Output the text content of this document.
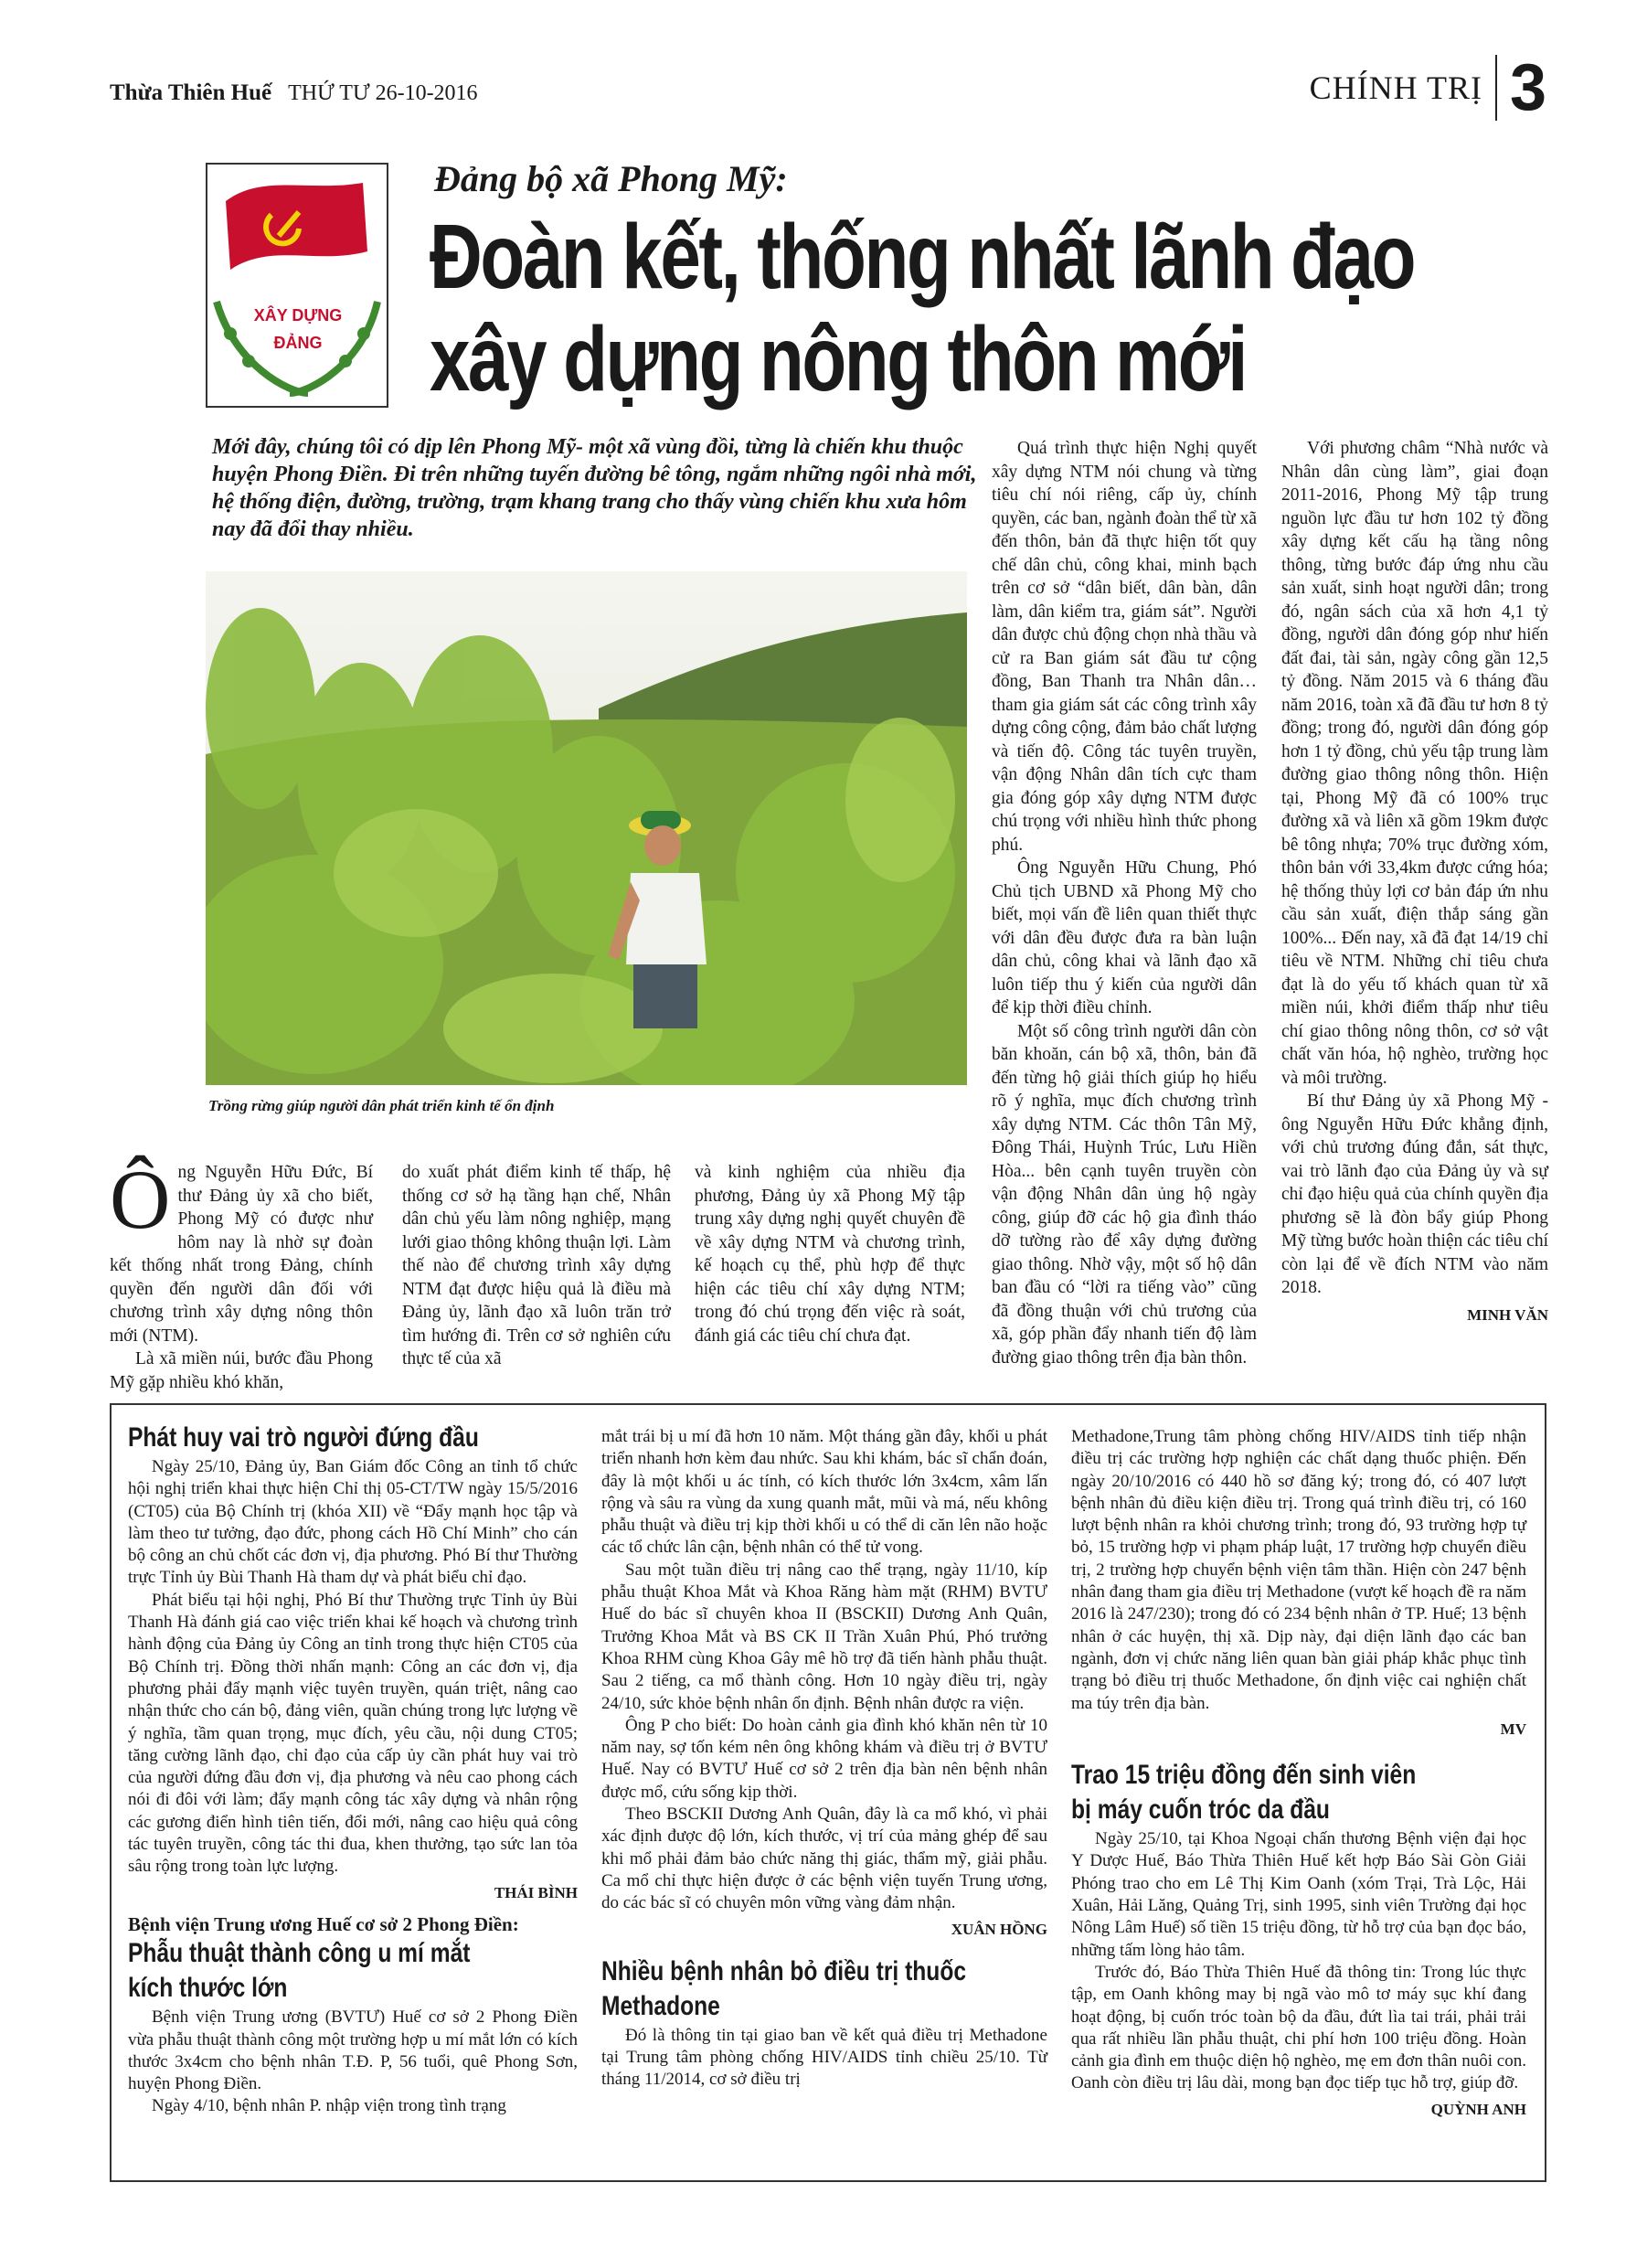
Thừa Thiên Huế THỨ TƯ 26-10-2016	CHÍNH TRỊ 3
XÂY DỰNG
ĐẢNG
Đảng bộ xã Phong Mỹ:
Đoàn kết, thống nhất lãnh đạo
xây dựng nông thôn mới
Mới đây, chúng tôi có dịp lên Phong Mỹ- một xã vùng đồi, từng là chiến khu thuộc huyện Phong Điền. Đi trên những tuyến đường bê tông, ngắm những ngôi nhà mới, hệ thống điện, đường, trường, trạm khang trang cho thấy vùng chiến khu xưa hôm nay đã đổi thay nhiều.
Trồng rừng giúp người dân phát triển kinh tế ổn định

Ông Nguyễn Hữu Đức, Bí thư Đảng ủy xã cho biết, Phong Mỹ có được như hôm nay là nhờ sự đoàn kết thống nhất trong Đảng, chính quyền đến người dân đối với chương trình xây dựng nông thôn mới (NTM).

Là xã miền núi, bước đầu Phong Mỹ gặp nhiều khó khăn,

do xuất phát điểm kinh tế thấp, hệ thống cơ sở hạ tầng hạn chế, Nhân dân chủ yếu làm nông nghiệp, mạng lưới giao thông không thuận lợi. Làm thế nào để chương trình xây dựng NTM đạt được hiệu quả là điều mà Đảng ủy, lãnh đạo xã luôn trăn trở tìm hướng đi. Trên cơ sở nghiên cứu thực tế của xã

và kinh nghiệm của nhiều địa phương, Đảng ủy xã Phong Mỹ tập trung xây dựng nghị quyết chuyên đề về xây dựng NTM và chương trình, kế hoạch cụ thể, phù hợp để thực hiện các tiêu chí xây dựng NTM; trong đó chú trọng đến việc rà soát, đánh giá các tiêu chí chưa đạt.

Quá trình thực hiện Nghị quyết xây dựng NTM nói chung và từng tiêu chí nói riêng, cấp ủy, chính quyền, các ban, ngành đoàn thể từ xã đến thôn, bản đã thực hiện tốt quy chế dân chủ, công khai, minh bạch trên cơ sở “dân biết, dân bàn, dân làm, dân kiểm tra, giám sát”. Người dân được chủ động chọn nhà thầu và cử ra Ban giám sát đầu tư cộng đồng, Ban Thanh tra Nhân dân… tham gia giám sát các công trình xây dựng công cộng, đảm bảo chất lượng và tiến độ. Công tác tuyên truyền, vận động Nhân dân tích cực tham gia đóng góp xây dựng NTM được chú trọng với nhiều hình thức phong phú.

Ông Nguyễn Hữu Chung, Phó Chủ tịch UBND xã Phong Mỹ cho biết, mọi vấn đề liên quan thiết thực với dân đều được đưa ra bàn luận dân chủ, công khai và lãnh đạo xã luôn tiếp thu ý kiến của người dân để kịp thời điều chỉnh.

Một số công trình người dân còn băn khoăn, cán bộ xã, thôn, bản đã đến từng hộ giải thích giúp họ hiểu rõ ý nghĩa, mục đích chương trình xây dựng NTM. Các thôn Tân Mỹ, Đông Thái, Huỳnh Trúc, Lưu Hiền Hòa... bên cạnh tuyên truyền còn vận động Nhân dân ủng hộ ngày công, giúp đỡ các hộ gia đình tháo dỡ tường rào để xây dựng đường giao thông. Nhờ vậy, một số hộ dân ban đầu có “lời ra tiếng vào” cũng đã đồng thuận với chủ trương của xã, góp phần đẩy nhanh tiến độ làm đường giao thông trên địa bàn thôn.

Với phương châm “Nhà nước và Nhân dân cùng làm”, giai đoạn 2011-2016, Phong Mỹ tập trung nguồn lực đầu tư hơn 102 tỷ đồng xây dựng kết cấu hạ tầng nông thông, từng bước đáp ứng nhu cầu sản xuất, sinh hoạt người dân; trong đó, ngân sách của xã hơn 4,1 tỷ đồng, người dân đóng góp như hiến đất đai, tài sản, ngày công gần 12,5 tỷ đồng. Năm 2015 và 6 tháng đầu năm 2016, toàn xã đã đầu tư hơn 8 tỷ đồng; trong đó, người dân đóng góp hơn 1 tỷ đồng, chủ yếu tập trung làm đường giao thông nông thôn. Hiện tại, Phong Mỹ đã có 100% trục đường xã và liên xã gồm 19km được bê tông nhựa; 70% trục đường xóm, thôn bản với 33,4km được cứng hóa; hệ thống thủy lợi cơ bản đáp ứn nhu cầu sản xuất, điện thắp sáng gần 100%... Đến nay, xã đã đạt 14/19 chỉ tiêu về NTM. Những chỉ tiêu chưa đạt là do yếu tố khách quan từ xã miền núi, khởi điểm thấp như tiêu chí giao thông nông thôn, cơ sở vật chất văn hóa, hộ nghèo, trường học và môi trường.

Bí thư Đảng ủy xã Phong Mỹ - ông Nguyễn Hữu Đức khẳng định, với chủ trương đúng đắn, sát thực, vai trò lãnh đạo của Đảng ủy và sự chỉ đạo hiệu quả của chính quyền địa phương sẽ là đòn bẩy giúp Phong Mỹ từng bước hoàn thiện các tiêu chí còn lại để về đích NTM vào năm 2018.

MINH VĂN
Phát huy vai trò người đứng đầu

Ngày 25/10, Đảng ủy, Ban Giám đốc Công an tỉnh tổ chức hội nghị triển khai thực hiện Chỉ thị 05-CT/TW ngày 15/5/2016 (CT05) của Bộ Chính trị (khóa XII) về “Đẩy mạnh học tập và làm theo tư tưởng, đạo đức, phong cách Hồ Chí Minh” cho cán bộ công an chủ chốt các đơn vị, địa phương. Phó Bí thư Thường trực Tỉnh ủy Bùi Thanh Hà tham dự và phát biểu chỉ đạo.

Phát biểu tại hội nghị, Phó Bí thư Thường trực Tỉnh ủy Bùi Thanh Hà đánh giá cao việc triển khai kế hoạch và chương trình hành động của Đảng ủy Công an tỉnh trong thực hiện CT05 của Bộ Chính trị. Đồng thời nhấn mạnh: Công an các đơn vị, địa phương phải đẩy mạnh việc tuyên truyền, quán triệt, nâng cao nhận thức cho cán bộ, đảng viên, quần chúng trong lực lượng về ý nghĩa, tầm quan trọng, mục đích, yêu cầu, nội dung CT05; tăng cường lãnh đạo, chỉ đạo của cấp ủy cần phát huy vai trò của người đứng đầu đơn vị, địa phương và nêu cao phong cách nói đi đôi với làm; đẩy mạnh công tác xây dựng và nhân rộng các gương điển hình tiên tiến, đổi mới, nâng cao hiệu quả công tác tuyên truyền, công tác thi đua, khen thưởng, tạo sức lan tỏa sâu rộng trong toàn lực lượng.

THÁI BÌNH
Bệnh viện Trung ương Huế cơ sở 2 Phong Điền:
Phẫu thuật thành công u mí mắt
kích thước lớn

Bệnh viện Trung ương (BVTƯ) Huế cơ sở 2 Phong Điền vừa phẫu thuật thành công một trường hợp u mí mắt lớn có kích thước 3x4cm cho bệnh nhân T.Đ. P, 56 tuổi, quê Phong Sơn, huyện Phong Điền.

Ngày 4/10, bệnh nhân P. nhập viện trong tình trạng

mắt trái bị u mí đã hơn 10 năm. Một tháng gần đây, khối u phát triển nhanh hơn kèm đau nhức. Sau khi khám, bác sĩ chẩn đoán, đây là một khối u ác tính, có kích thước lớn 3x4cm, xâm lấn rộng và sâu ra vùng da xung quanh mắt, mũi và má, nếu không phẫu thuật và điều trị kịp thời khối u có thể di căn lên não hoặc các tổ chức lân cận, bệnh nhân có thể tử vong.

Sau một tuần điều trị nâng cao thể trạng, ngày 11/10, kíp phẫu thuật Khoa Mắt và Khoa Răng hàm mặt (RHM) BVTƯ Huế do bác sĩ chuyên khoa II (BSCKII) Dương Anh Quân, Trưởng Khoa Mắt và BS CK II Trần Xuân Phú, Phó trưởng Khoa RHM cùng Khoa Gây mê hồ trợ đã tiến hành phẫu thuật. Sau 2 tiếng, ca mổ thành công. Hơn 10 ngày điều trị, ngày 24/10, sức khỏe bệnh nhân ổn định. Bệnh nhân được ra viện.

Ông P cho biết: Do hoàn cảnh gia đình khó khăn nên từ 10 năm nay, sợ tốn kém nên ông không khám và điều trị ở BVTƯ Huế. Nay có BVTƯ Huế cơ sở 2 trên địa bàn nên bệnh nhân được mổ, cứu sống kịp thời.

Theo BSCKII Dương Anh Quân, đây là ca mổ khó, vì phải xác định được độ lớn, kích thước, vị trí của mảng ghép để sau khi mổ phải đảm bảo chức năng thị giác, thẩm mỹ, giải phẫu. Ca mổ chỉ thực hiện được ở các bệnh viện tuyến Trung ương, do các bác sĩ có chuyên môn vững vàng đảm nhận.

XUÂN HỒNG
Nhiều bệnh nhân bỏ điều trị thuốc
Methadone

Đó là thông tin tại giao ban về kết quả điều trị Methadone tại Trung tâm phòng chống HIV/AIDS tỉnh chiều 25/10. Từ tháng 11/2014, cơ sở điều trị

Methadone,Trung tâm phòng chống HIV/AIDS tỉnh tiếp nhận điều trị các trường hợp nghiện các chất dạng thuốc phiện. Đến ngày 20/10/2016 có 440 hồ sơ đăng ký; trong đó, có 407 lượt bệnh nhân đủ điều kiện điều trị. Trong quá trình điều trị, có 160 lượt bệnh nhân ra khỏi chương trình; trong đó, 93 trường hợp tự bỏ, 15 trường hợp vi phạm pháp luật, 17 trường hợp chuyển điều trị, 2 trường hợp chuyển bệnh viện tâm thần. Hiện còn 247 bệnh nhân đang tham gia điều trị Methadone (vượt kế hoạch đề ra năm 2016 là 247/230); trong đó có 234 bệnh nhân ở TP. Huế; 13 bệnh nhân ở các huyện, thị xã. Dịp này, đại diện lãnh đạo các ban ngành, đơn vị chức năng liên quan bàn giải pháp khắc phục tình trạng bỏ điều trị thuốc Methadone, ổn định việc cai nghiện chất ma túy trên địa bàn.

MV
Trao 15 triệu đồng đến sinh viên
bị máy cuốn tróc da đầu

Ngày 25/10, tại Khoa Ngoại chấn thương Bệnh viện đại học Y Dược Huế, Báo Thừa Thiên Huế kết hợp Báo Sài Gòn Giải Phóng trao cho em Lê Thị Kim Oanh (xóm Trại, Trà Lộc, Hải Xuân, Hải Lăng, Quảng Trị, sinh 1995, sinh viên Trường đại học Nông Lâm Huế) số tiền 15 triệu đồng, từ hỗ trợ của bạn đọc báo, những tấm lòng hảo tâm.

Trước đó, Báo Thừa Thiên Huế đã thông tin: Trong lúc thực tập, em Oanh không may bị ngã vào mô tơ máy sục khí đang hoạt động, bị cuốn tróc toàn bộ da đầu, đứt lìa tai trái, phải trải qua rất nhiều lần phẫu thuật, chi phí hơn 100 triệu đồng. Hoàn cảnh gia đình em thuộc diện hộ nghèo, mẹ em đơn thân nuôi con. Oanh còn điều trị lâu dài, mong bạn đọc tiếp tục hỗ trợ, giúp đỡ.

QUỲNH ANH
